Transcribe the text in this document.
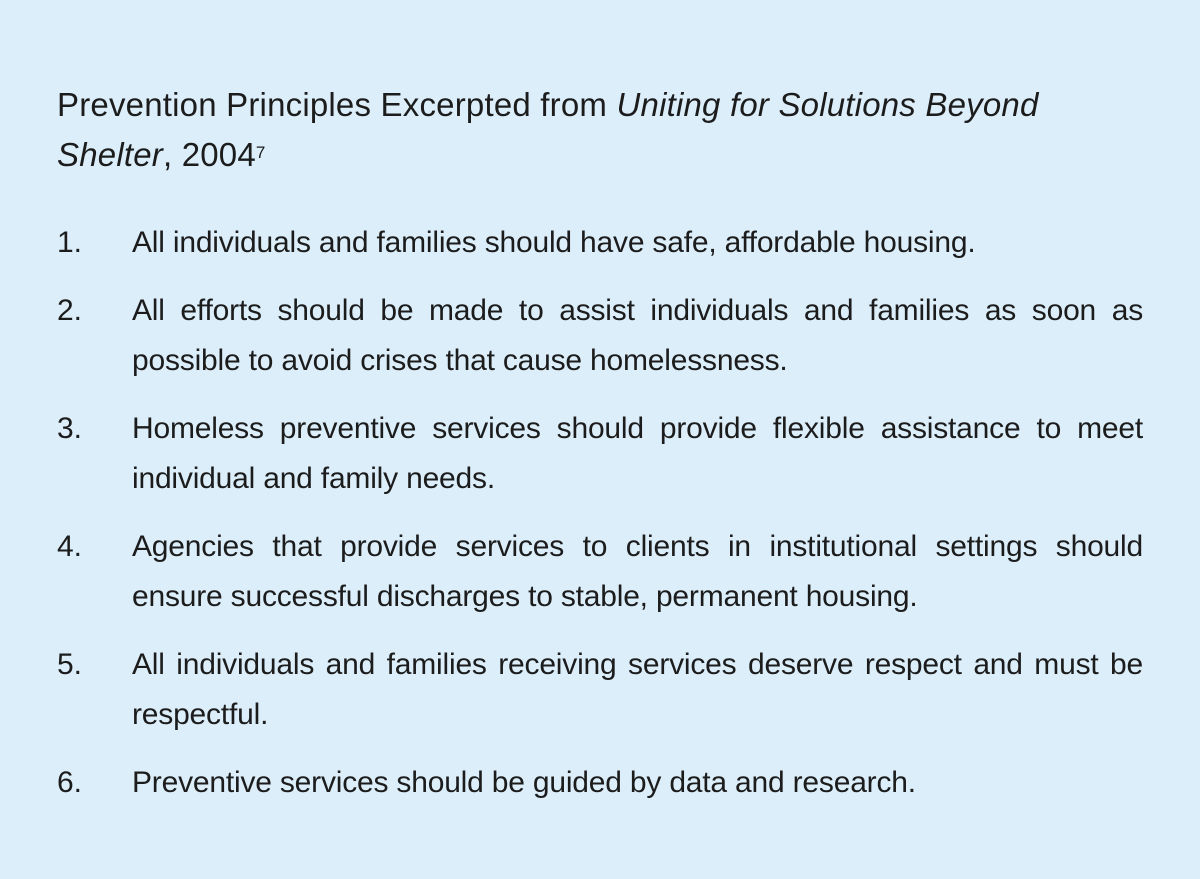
Prevention Principles Excerpted from Uniting for Solutions Beyond Shelter, 2004$^7$
1.	All individuals and families should have safe, affordable housing.
2.	All efforts should be made to assist individuals and families as soon as possible to avoid crises that cause homelessness.
3.	Homeless preventive services should provide flexible assistance to meet individual and family needs.
4.	Agencies that provide services to clients in institutional settings should ensure successful discharges to stable, permanent housing.
5.	All individuals and families receiving services deserve respect and must be respectful.
6.	Preventive services should be guided by data and research.
